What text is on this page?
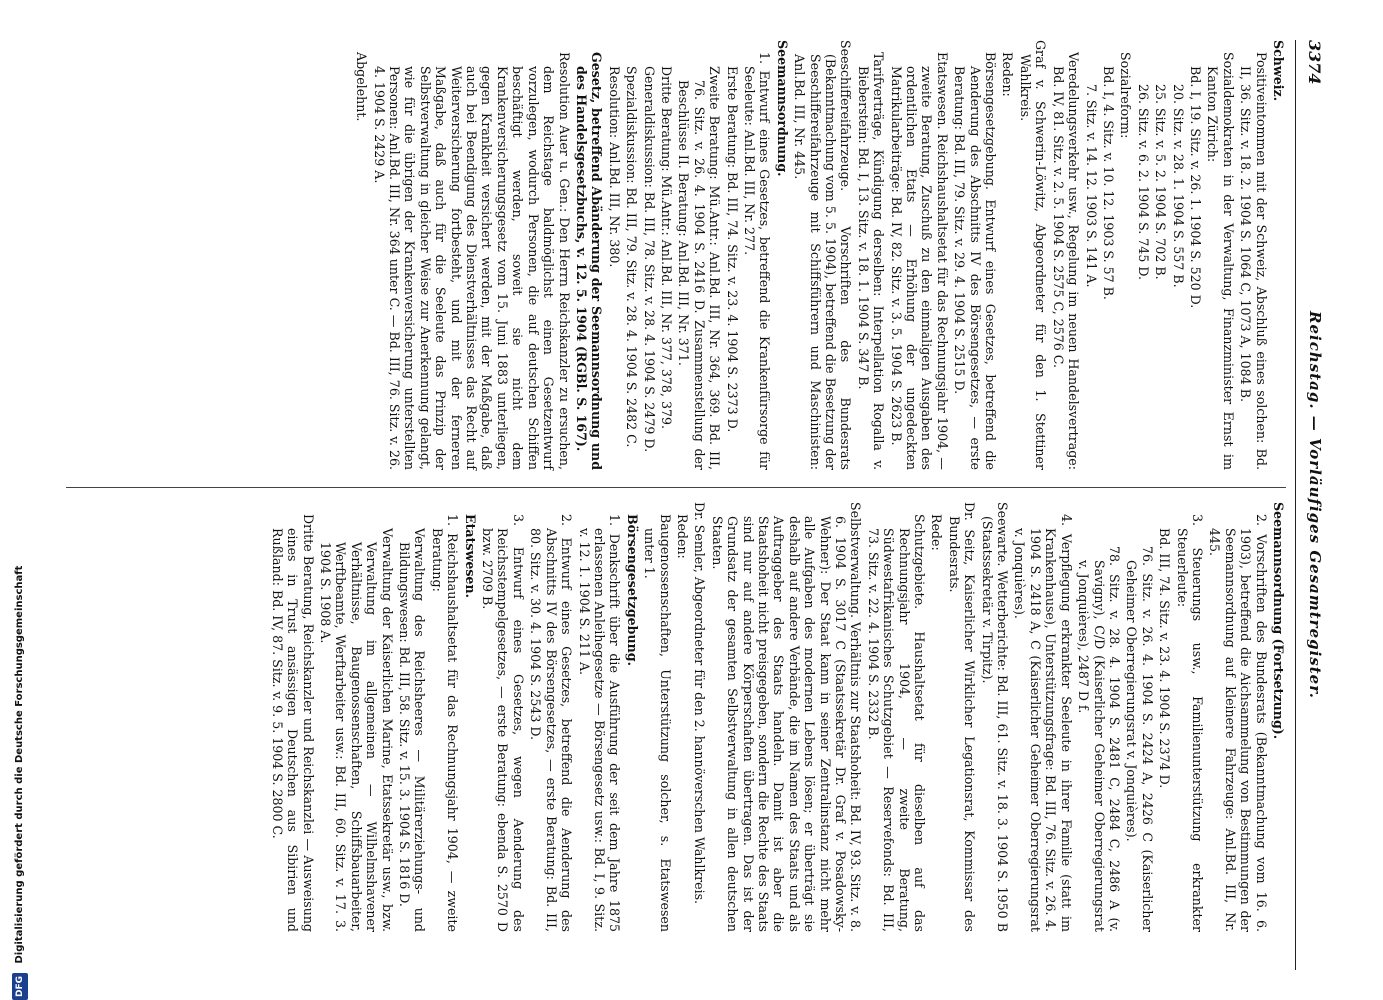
3374
Reichstag. — Vorläufiges Gesamtregister.

Schweiz.

Positiveintommen mit der Schweiz, Abschluß eines solchen: Bd. II, 36. Sitz. v. 18. 2. 1904 S. 1064 C, 1073 A, 1084 B.

Sozialdemokraten in der Verwaltung, Finanzminister Ernst im Kanton Zürich:

Bd. I, 19. Sitz. v. 26. 1. 1904 S. 520 D.

20. Sitz. v. 28. 1. 1904 S. 557 B.

25. Sitz. v. 5. 2. 1904 S. 702 B.

26. Sitz. v. 6. 2. 1904 S. 745 D.

Sozialreform:

Bd. I, 4. Sitz. v. 10. 12. 1903 S. 57 B.

7. Sitz. v. 14. 12. 1903 S. 141 A.

Veredelungsverkehr usw., Regelung im neuen Handelsvertrage: Bd. IV, 81. Sitz. v. 2. 5. 1904 S. 2575 C, 2576 C.

Graf v. Schwerin-Löwitz, Abgeordneter für den 1. Stettiner Wahlkreis.

Reden:

Börsengesetzgebung. Entwurf eines Gesetzes, betreffend die Aenderung des Abschnitts IV des Börsengesetzes, — erste Beratung: Bd. III, 79. Sitz. v. 29. 4. 1904 S. 2515 D.

Etatswesen. Reichshaushaltsetat für das Rechnungsjahr 1904, — zweite Beratung, Zuschuß zu den einmaligen Ausgaben des ordentlichen Etats — Erhöhung der ungedeckten Matrikularbeiträge: Bd. IV, 82. Sitz. v. 3. 5. 1904 S. 2623 B.

Tarifverträge, Kündigung derselben: Interpellation Rogalla v. Bieberstein: Bd. I, 13. Sitz. v. 18. 1. 1904 S. 347 B.

Seeschiffereifahrzeuge. Vorschriften des Bundesrats (Bekanntmachung vom 5. 5. 1904), betreffend die Besetzung der Seeschiffereifahrzeuge mit Schiffsführern und Maschinisten: Anl.Bd. III, Nr. 445.

Seemannsordnung.

1. Entwurf eines Gesetzes, betreffend die Krankenfürsorge für Seeleute: Anl.Bd. III, Nr. 277.

Erste Beratung: Bd. III, 74. Sitz. v. 23. 4. 1904 S. 2373 D.

Zweite Beratung: Mü.Antr.: Anl.Bd. III, Nr. 364, 369. Bd. III, 76. Sitz. v. 26. 4. 1904 S. 2416 D. Zusammenstellung der Beschlüsse II. Beratung: Anl.Bd. III, Nr. 371.

Dritte Beratung: Mü.Antr.: Anl.Bd. III, Nr. 377, 378, 379.

Generaldiskussion: Bd. III, 78. Sitz. v. 28. 4. 1904 S. 2479 D.

Spezialdiskussion: Bd. III, 79. Sitz. v. 28. 4. 1904 S. 2482 C.

Resolution: Anl.Bd. III, Nr. 380.

Gesetz, betreffend Abänderung der Seemannsordnung und des Handelsgesetzbuchs, v. 12. 5. 1904 (RGBl. S. 167).

Resolution Auer u. Gen.: Den Herrn Reichskanzler zu ersuchen, dem Reichstage baldmöglichst einen Gesetzentwurf vorzulegen, wodurch Personen, die auf deutschen Schiffen beschäftigt werden, soweit sie nicht dem Krankenversicherungsgesetz vom 15. Juni 1883 unterliegen, gegen Krankheit versichert werden, mit der Maßgabe, daß auch bei Beendigung des Dienstverhältnisses das Recht auf Weiterversicherung fortbesteht, und mit der ferneren Maßgabe, daß auch für die Seeleute das Prinzip der Selbstverwaltung in gleicher Weise zur Anerkennung gelangt, wie für die übrigen der Krankenversicherung unterstellten Personen: Anl.Bd. III, Nr. 364 unter C. — Bd. III, 76. Sitz. v. 26. 4. 1904 S. 2429 A.

Abgelehnt.

Seemannsordnung (Fortsetzung).

2. Vorschriften des Bundesrats (Bekanntmachung vom 16. 6. 1903), betreffend die Aichsammelung von Bestimmungen der Seemannsordnung auf kleinere Fahrzeuge: Anl.Bd. III, Nr. 445.

3. Steuerungs usw., Familienunterstützung erkrankter Steuerleute:

Bd. III, 74. Sitz. v. 23. 4. 1904 S. 2374 D.

76. Sitz. v. 26. 4. 1904 S. 2424 A, 2426 C (Kaiserlicher Geheimer Oberregierungsrat v. Jonquières).

78. Sitz. v. 28. 4. 1904 S. 2481 C, 2484 C, 2486 A (v. Savigny), C/D (Kaiserlicher Geheimer Oberregierungsrat v. Jonquières), 2487 D f.

4. Verpflegung erkrankter Seeleute in ihrer Familie (statt im Krankenhause), Unterstützungsfrage: Bd. III, 76. Sitz. v. 26. 4. 1904 S. 2418 A, C (Kaiserlicher Geheimer Oberregierungsrat v. Jonquières).

Seewarte. Wetterberichte: Bd. III, 61. Sitz. v. 18. 3. 1904 S. 1950 B (Staatssekretär v. Tirpitz).

Dr. Seitz, Kaiserlicher Wirklicher Legationsrat, Kommissar des Bundesrats.

Rede:

Schutzgebiete. Haushaltsetat für dieselben auf das Rechnungsjahr 1904, — zweite Beratung, Südwestafrikanisches Schutzgebiet — Reservefonds: Bd. III, 73. Sitz. v. 22. 4. 1904 S. 2332 B.

Selbstverwaltung. Verhältnis zur Staatshoheit: Bd. IV, 93. Sitz. v. 8. 6. 1904 S. 3017 C (Staatssekretär Dr. Graf v. Posadowsky-Wehner): Der Staat kann in seiner Zentralinstanz nicht mehr alle Aufgaben des modernen Lebens lösen; er überträgt sie deshalb auf andere Verbände, die im Namen des Staats und als Auftraggeber des Staats handeln. Damit ist aber die Staatshoheit nicht preisgegeben, sondern die Rechte des Staats sind nur auf andere Körperschaften übertragen. Das ist der Grundsatz der gesamten Selbstverwaltung in allen deutschen Staaten.

Dr. Semler, Abgeordneter für den 2. hannöverschen Wahlkreis.

Reden:

Baugenossenschaften, Unterstützung solcher, s. Etatswesen unter 1.

Börsengesetzgebung.

1. Denkschrift über die Ausführung der seit dem Jahre 1875 erlassenen Anleihegesetze — Börsengesetz usw.: Bd. I, 9. Sitz. v. 12. 1. 1904 S. 211 A.

2. Entwurf eines Gesetzes, betreffend die Aenderung des Abschnitts IV des Börsengesetzes, — erste Beratung: Bd. III, 80. Sitz. v. 30. 4. 1904 S. 2543 D.

3. Entwurf eines Gesetzes, wegen Aenderung des Reichsstempelgesetzes, — erste Beratung: ebenda S. 2570 D bzw. 2709 B.

Etatswesen.

1. Reichshaushaltsetat für das Rechnungsjahr 1904, — zweite Beratung:

Verwaltung des Reichsheeres — Militärerziehungs- und Bildungswesen: Bd. III, 58. Sitz. v. 15. 3. 1904 S. 1816 D.

Verwaltung der Kaiserlichen Marine, Etatssekretär usw., bzw. Verwaltung im allgemeinen — Wilhelmshavener Verhältnisse, Baugenossenschaften, Schiffsbauarbeiter, Werftbeamte, Werftarbeiter usw.: Bd. III, 60. Sitz. v. 17. 3. 1904 S. 1908 A.

Dritte Beratung, Reichskanzler und Reichskanzlei — Ausweisung eines in Trust ansässigen Deutschen aus Sibirien und Rußland: Bd. IV, 87. Sitz. v. 9. 5. 1904 S. 2800 C.

DFG Digitalisierung gefördert durch die Deutsche Forschungsgemeinschaft
